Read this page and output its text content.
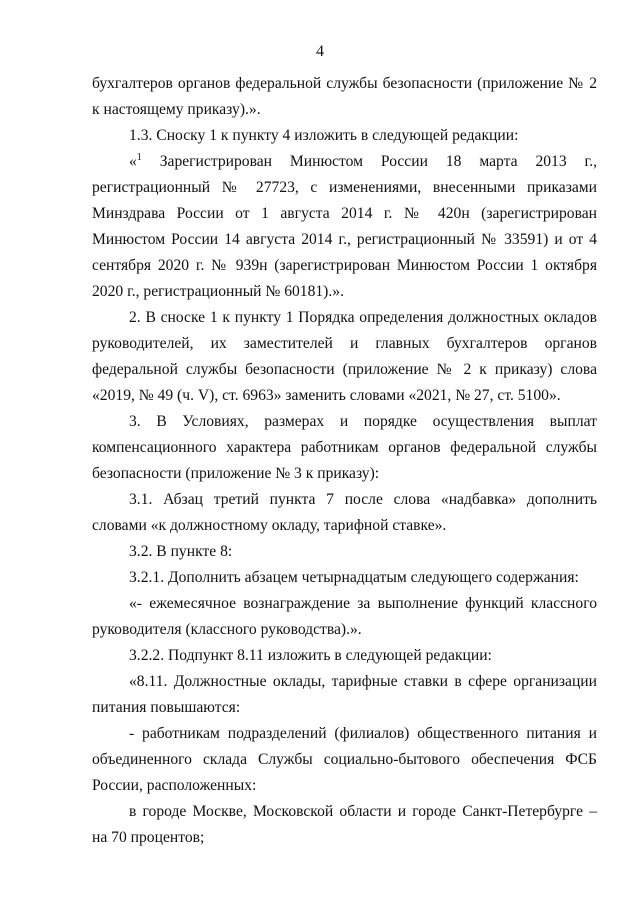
4

бухгалтеров органов федеральной службы безопасности (приложение № 2 к настоящему приказу).».

1.3. Сноску 1 к пункту 4 изложить в следующей редакции:

«$^1$ Зарегистрирован Минюстом России 18 марта 2013 г., регистрационный № 27723, с изменениями, внесенными приказами Минздрава России от 1 августа 2014 г. № 420н (зарегистрирован Минюстом России 14 августа 2014 г., регистрационный № 33591) и от 4 сентября 2020 г. № 939н (зарегистрирован Минюстом России 1 октября 2020 г., регистрационный № 60181).».

2. В сноске 1 к пункту 1 Порядка определения должностных окладов руководителей, их заместителей и главных бухгалтеров органов федеральной службы безопасности (приложение № 2 к приказу) слова «2019, № 49 (ч. V), ст. 6963» заменить словами «2021, № 27, ст. 5100».

3. В Условиях, размерах и порядке осуществления выплат компенсационного характера работникам органов федеральной службы безопасности (приложение № 3 к приказу):

3.1. Абзац третий пункта 7 после слова «надбавка» дополнить словами «к должностному окладу, тарифной ставке».

3.2. В пункте 8:

3.2.1. Дополнить абзацем четырнадцатым следующего содержания:

«- ежемесячное вознаграждение за выполнение функций классного руководителя (классного руководства).».

3.2.2. Подпункт 8.11 изложить в следующей редакции:

«8.11. Должностные оклады, тарифные ставки в сфере организации питания повышаются:

- работникам подразделений (филиалов) общественного питания и объединенного склада Службы социально-бытового обеспечения ФСБ России, расположенных:

в городе Москве, Московской области и городе Санкт-Петербурге – на 70 процентов;
